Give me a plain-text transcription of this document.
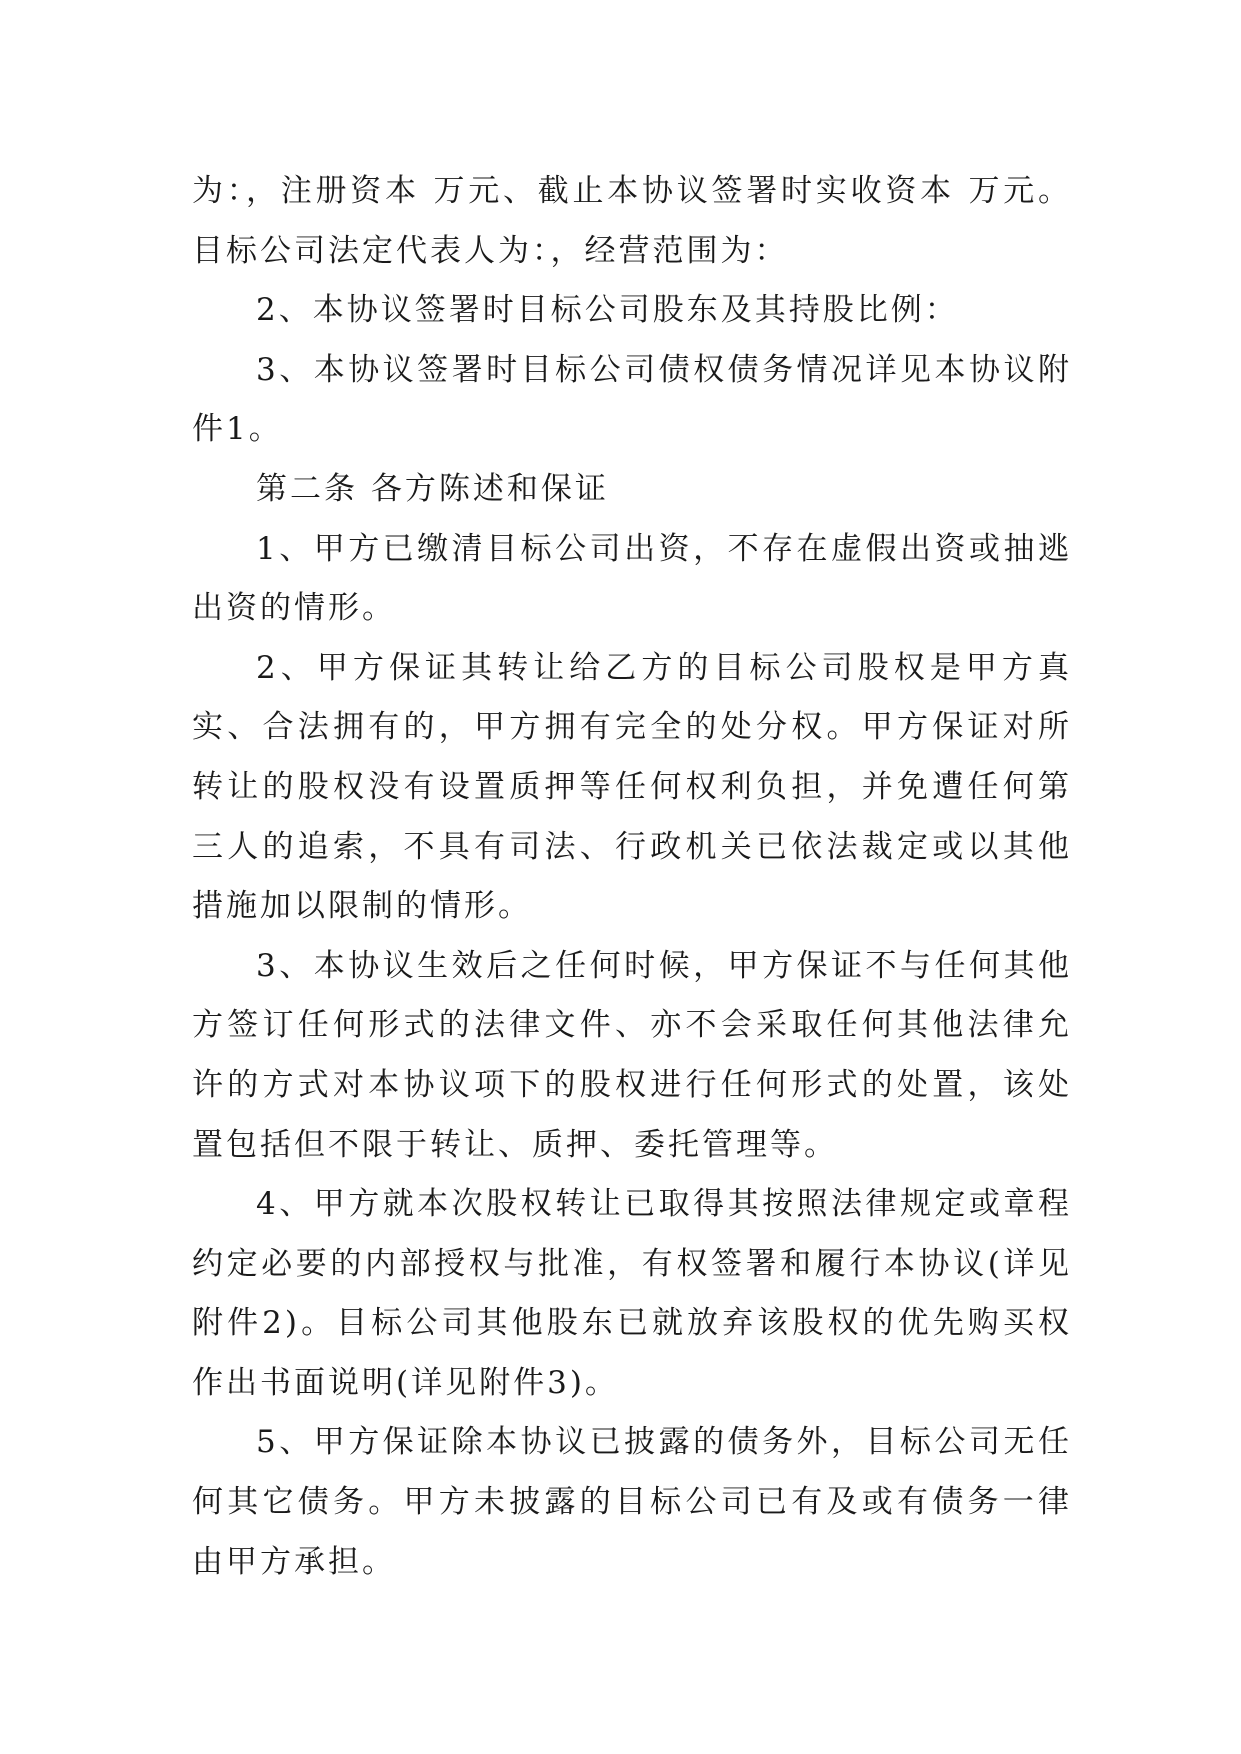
为：，注册资本 万元、截止本协议签署时实收资本 万元。目标公司法定代表人为：，经营范围为：

2、本协议签署时目标公司股东及其持股比例：

3、本协议签署时目标公司债权债务情况详见本协议附件1。

第二条 各方陈述和保证

1、甲方已缴清目标公司出资，不存在虚假出资或抽逃出资的情形。

2、甲方保证其转让给乙方的目标公司股权是甲方真实、合法拥有的，甲方拥有完全的处分权。甲方保证对所转让的股权没有设置质押等任何权利负担，并免遭任何第三人的追索，不具有司法、行政机关已依法裁定或以其他措施加以限制的情形。

3、本协议生效后之任何时候，甲方保证不与任何其他方签订任何形式的法律文件、亦不会采取任何其他法律允许的方式对本协议项下的股权进行任何形式的处置，该处置包括但不限于转让、质押、委托管理等。

4、甲方就本次股权转让已取得其按照法律规定或章程约定必要的内部授权与批准，有权签署和履行本协议(详见附件2)。目标公司其他股东已就放弃该股权的优先购买权作出书面说明(详见附件3)。

5、甲方保证除本协议已披露的债务外，目标公司无任何其它债务。甲方未披露的目标公司已有及或有债务一律由甲方承担。
